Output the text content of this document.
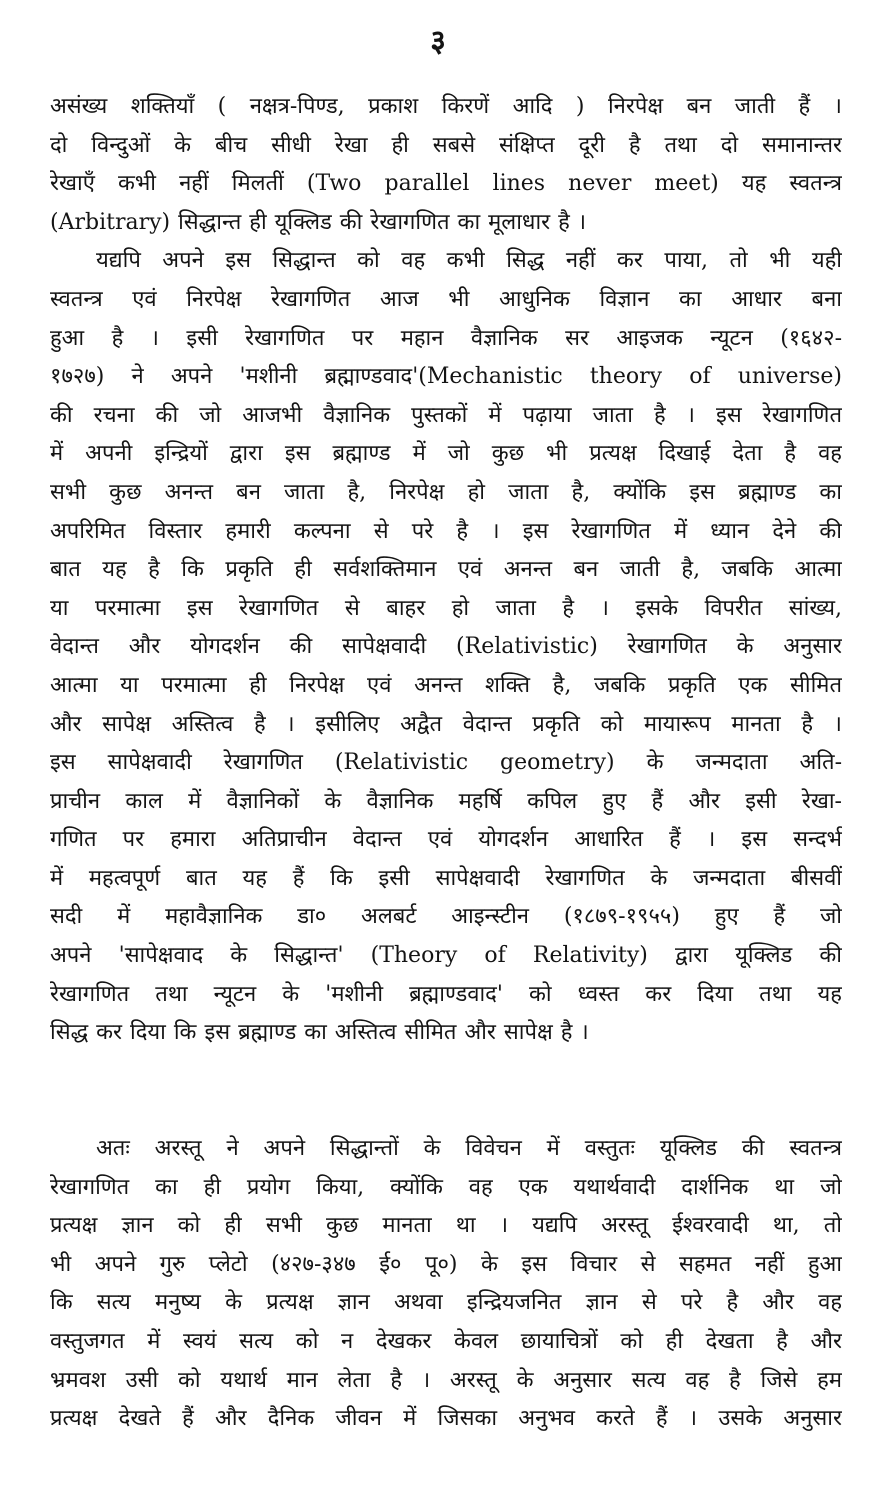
३
असंख्य शक्तियाँ ( नक्षत्र-पिण्ड, प्रकाश किरणें आदि ) निरपेक्ष बन जाती हैं ।
दो विन्दुओं के बीच सीधी रेखा ही सबसे संक्षिप्त दूरी है तथा दो समानान्तर
रेखाएँ कभी नहीं मिलतीं (Two parallel lines never meet) यह स्वतन्त्र
(Arbitrary) सिद्धान्त ही यूक्लिड की रेखागणित का मूलाधार है ।
यद्यपि अपने इस सिद्धान्त को वह कभी सिद्ध नहीं कर पाया, तो भी यही
स्वतन्त्र एवं निरपेक्ष रेखागणित आज भी आधुनिक विज्ञान का आधार बना
हुआ है । इसी रेखागणित पर महान वैज्ञानिक सर आइजक न्यूटन (१६४२-
१७२७) ने अपने 'मशीनी ब्रह्माण्डवाद'(Mechanistic theory of universe)
की रचना की जो आजभी वैज्ञानिक पुस्तकों में पढ़ाया जाता है । इस रेखागणित
में अपनी इन्द्रियों द्वारा इस ब्रह्माण्ड में जो कुछ भी प्रत्यक्ष दिखाई देता है वह
सभी कुछ अनन्त बन जाता है, निरपेक्ष हो जाता है, क्योंकि इस ब्रह्माण्ड का
अपरिमित विस्तार हमारी कल्पना से परे है । इस रेखागणित में ध्यान देने की
बात यह है कि प्रकृति ही सर्वशक्तिमान एवं अनन्त बन जाती है, जबकि आत्मा
या परमात्मा इस रेखागणित से बाहर हो जाता है । इसके विपरीत सांख्य,
वेदान्त और योगदर्शन की सापेक्षवादी (Relativistic) रेखागणित के अनुसार
आत्मा या परमात्मा ही निरपेक्ष एवं अनन्त शक्ति है, जबकि प्रकृति एक सीमित
और सापेक्ष अस्तित्व है । इसीलिए अद्वैत वेदान्त प्रकृति को मायारूप मानता है ।
इस सापेक्षवादी रेखागणित (Relativistic geometry) के जन्मदाता अति-
प्राचीन काल में वैज्ञानिकों के वैज्ञानिक महर्षि कपिल हुए हैं और इसी रेखा-
गणित पर हमारा अतिप्राचीन वेदान्त एवं योगदर्शन आधारित हैं । इस सन्दर्भ
में महत्वपूर्ण बात यह हैं कि इसी सापेक्षवादी रेखागणित के जन्मदाता बीसवीं
सदी में महावैज्ञानिक डा० अलबर्ट आइन्स्टीन (१८७९-१९५५) हुए हैं जो
अपने 'सापेक्षवाद के सिद्धान्त' (Theory of Relativity) द्वारा यूक्लिड की
रेखागणित तथा न्यूटन के 'मशीनी ब्रह्माण्डवाद' को ध्वस्त कर दिया तथा यह
सिद्ध कर दिया कि इस ब्रह्माण्ड का अस्तित्व सीमित और सापेक्ष है ।
अतः अरस्तू ने अपने सिद्धान्तों के विवेचन में वस्तुतः यूक्लिड की स्वतन्त्र
रेखागणित का ही प्रयोग किया, क्योंकि वह एक यथार्थवादी दार्शनिक था जो
प्रत्यक्ष ज्ञान को ही सभी कुछ मानता था । यद्यपि अरस्तू ईश्वरवादी था, तो
भी अपने गुरु प्लेटो (४२७-३४७ ई० पू०) के इस विचार से सहमत नहीं हुआ
कि सत्य मनुष्य के प्रत्यक्ष ज्ञान अथवा इन्द्रियजनित ज्ञान से परे है और वह
वस्तुजगत में स्वयं सत्य को न देखकर केवल छायाचित्रों को ही देखता है और
भ्रमवश उसी को यथार्थ मान लेता है । अरस्तू के अनुसार सत्य वह है जिसे हम
प्रत्यक्ष देखते हैं और दैनिक जीवन में जिसका अनुभव करते हैं । उसके अनुसार
